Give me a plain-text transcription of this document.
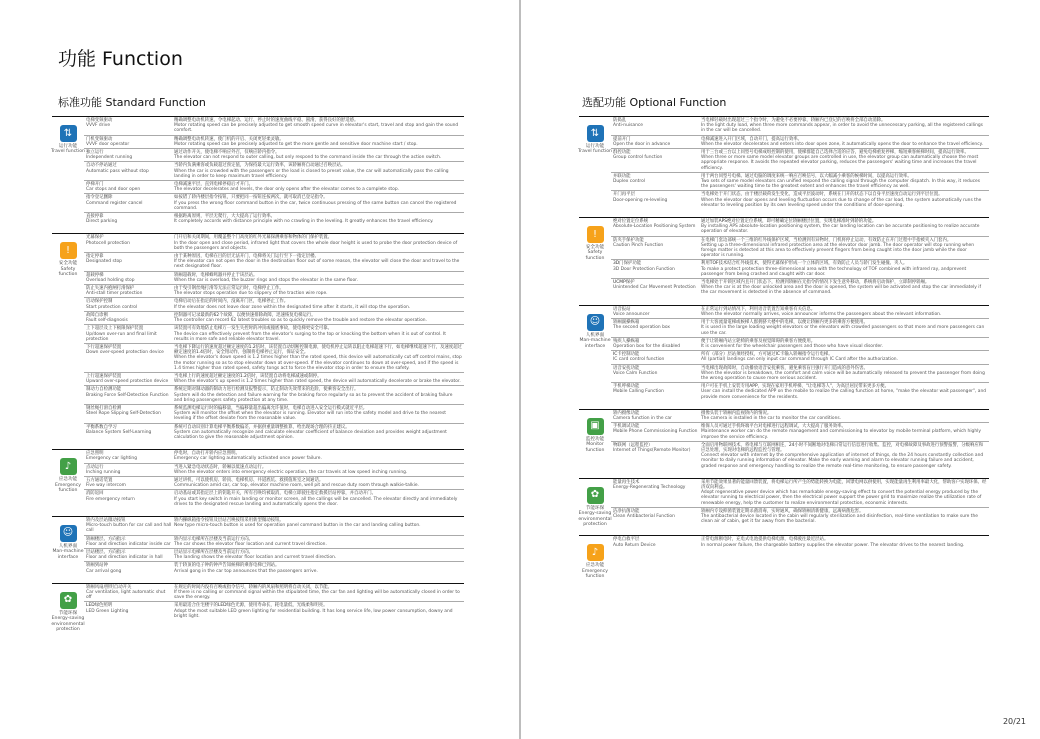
功能 Function
标准功能 Standard Function
⇅
运行功能
Travel function
电梯变频驱动
VVVF drive
精确调整电动机转速，令电梯起动、运行、停止时的速度曲线平稳、圆滑，获得良好的舒适感。
Motor rotating speed can be precisely adjusted to get smooth speed curve in elevator's start, travel and stop and gain the sound comfort.
门机变频驱动
VVVF door operator
精确调整电动机转速，使门机的开启、关闭更轻柔灵敏。
Motor rotating speed can be precisely adjusted to get the more gentle and sensitive door machine start / stop.
独立运行
Independent running
通过动作开关，使电梯不响应外召，仅响应轿内指令。
The elevator can not respond to outer calling, but only respond to the command inside the car through the action switch.
自动不停站通过
Automatic pass without stop
当轿内负满乘客或负载超过预定值，为保持最大运行效率，该轿厢将自动通过召唤层站。
When the car is crowded with the passengers or the load is closed to preset value, the car will automatically pass the calling landing in order to keep maximum travel efficiency.
停梯开门
Car stops and door open
电梯减速平层，直到电梯停稳后才开门。
The elevator decelerates and levels, the door only opens after the elevator comes to a complete stop.
指令登记删除
Command register cancel
如按错了轿内楼层指令按钮，只要把同一按钮连按两次，就可取消已登记指令。
If you press the wrong floor command button in the car, twice continuous pressing of the same button can cancel the registered command.
直接停靠
Direct parking
根据距离原则，平层无爬行，大大提高了运行效率。
It completely accords with distance principle with no crawling in the leveling. It greatly enhances the travel efficiency.
!
安全功能
Safety function
光幕保护
Photocell protection
门开启和关闭期间，用覆盖整个门高度的红外光幕探测乘客和物体的门保护装置。
In the door open and close period, infrared light that covers the whole door height is used to probe the door protection device of both the passengers and objects.
指定停靠
Designated stop
由于某种原因，电梯在目的层无法开门，电梯将关门运行至下一指定层楼。
If the elevator can not open the door in the destination floor out of some reason, the elevator will close the door and travel to the next designated floor.
超载停梯
Overload holding stop
轿厢超载时，电梯蜂鸣器并停止于该层站。
When the car is overload, the buzzer rings and stops the elevator in the same floor.
防止失速内抱闸打滑保护
Anti-stall timer protection
由于曳引钢丝绳打滑等无法正常运行时，电梯停止工作。
The elevator stops operation due to slippery of the traction wire rope.
启动保护控制
Start protection control
电梯启动后在指定的时间内，没离开门区，电梯停止工作。
If the elevator does not leave door zone within the designated time after it starts, it will stop the operation.
故障自诊断
Fault self-diagnosis
控制器可记录最新的62个故障，以便快速排除故障，迅速恢复电梯运行。
The controller can record 62 latest troubles so as to quickly remove the trouble and restore the elevator operation.
上下超层及上下极限保护装置
Up/down over-run and final limit protection
该装置可有效地防止电梯万一发生失控时的冲顶或撞底事故，使电梯更安全可靠。
The device can effectively prevent from the elevator's surging to the top or knocking the bottom when it is out of control. It results in more safe and reliable elevator travel.
下行超速保护装置
Down over-speed protection device
当电梯下降运行的速度超过额定速度的1.2倍时，该装置自动切断控制电源，使电机停止运转以阻止电梯超速下行，如电梯继续超速下行，及速度超过额定速度的1.4倍时，安全钳动作，强制将电梯停止运行，保证安全。
When the elevator's down speed is 1.2 times higher than the rated speed, this device will automatically cut off control mains, stop the motor running so as to stop elevator down at over-speed. If the elevator continues to down at over-speed, and if the speed is 1.4 times higher than rated speed, safety tongs act to force the elevator stop in order to ensure the safety.
上行超速保护装置
Upward over-speed protection device
当电梯上行的速度超过额定速度的1.2倍时，该装置自动将电梯减速或制停。
When the elevator's up speed is 1.2 times higher than rated speed, the device will automatically decelerate or brake the elevator.
制动力自检测功能
Braking Force Self-Detection Function
系统定期对制动器的制动力进行检测及报警提示，防止制动失效带来的危险，使乘客安全出行。
System will do the detection and failure warning for the braking force regularly so as to prevent the accident of braking failure and bring passengers safety protection at any time.
钢丝绳打滑自检测
Steel Rope Slipping Self-Detection
系统监测电梯运行时的偏移量，当偏移量超出偏离允许值时，电梯自动进入安全运行模式就近平层。
System will monitor the offset when the elevator is running. Elevator will run into the safety model and drive to the nearest leveling if the offset deviate from the reasonable value.
平衡系数自学习
Balance System Self-Learning
系统可自动识别计算电梯平衡系数偏差，并据供重量调整推算，给出现场合理的抖正建议。
System can automatically recognize and calculate elevator coefficient of balance deviation and provides weight adjustment calculation to give the reasonable adjustment opinion.
♪
应急功能
Emergency function
应急照明
Emergency car lighting
停电时，自动打开轿内应急照明。
Emergency car lighting automatically activated once power failure.
点动运行
Inching running
当进入紧急电动状态时，轿厢以低速点动运行。
When the elevator enters into emergency electric operation, the car travels at low speed inching running.
五方通话装置
Five way intercom
通过讲机，可以使机房、轿顶、电梯机房、井道底坑、救援值班室之间通话。
Communication amid car, car top, elevator machine room, well pit and rescue duty room through walkie-talkie.
消防返回
Fire emergency return
启动基站或其指定层上的钥匙开关，所有召唤均被取消，电梯立即驶往指定救援层站停靠，并自动开门。
If you start key switch in main landing or monitor screen, all the callings will be cancelled. The elevator directly and immediately drives to the designated rescue landing and automatically opens the door.
☺
人机界面
Man-machine interface
轿内及层站微动按钮
Micro-touch button for car call and hall call
轿内操纵箱指令按钮及层站召唤按钮采用新型微动按钮。
New type micro-touch button is used for operation panel command button in the car and landing calling button.
轿厢楼层、方向指示
Floor and direction indicator inside car
轿内显示电梯所在层楼及当前运行方向。
The car shows the elevator floor location and current travel direction.
层站楼层、方向指示
Floor and direction indicator in hall
层站显示电梯所在层楼及当前运行方向。
The landing shows the elevator floor location and current travel direction.
轿厢到站钟
Car arrival gong
装于轿顶的电子钟的钟声告知候梯的乘客电梯已到站。
Arrival gong in the car top announces that the passengers arrive.
✿
节能环保
Energy-saving environmental protection
轿厢风扇/照明自动开关
Car ventilation, light automatic shut off
在规定的时间内没有召唤或指令信号，轿厢内的风扇和照明将自动关闭，以节能。
If there is no calling or command signal within the stipulated time, the car fan and lighting will be automatically closed in order to save the energy.
LED绿色照明
LED Green Lighting
采用最适合住宅楼宇的LED绿色光源，使用寿命长，耗电量低，光线柔和明亮。
Adopt the most suitable LED green lighting for residential building. It has long service life, low power consumption, downy and bright light.
选配功能 Optional Function
⇅
运行功能
Travel function
防捣乱
Anti-nuisance
当电梯轻载时出现超过三个指令时，为避免不必要停靠，轿厢内已登记的召唤将全部自动消除。
In the light duty load, when three more commands appear, in order to avoid the unnecessary parking, all the registered callings in the car will be cancelled.
提前开门
Open the door in advance
电梯减速进入开门区域，自动开门，提高运行效率。
When the elevator decelerates and enters into door open zone, it automatically opens the door to enhance the travel efficiency.
群控功能
Group control function
用于三台或三台以上同型号电梯成组控制的使用，使梯群能自己选择合适的应答，避免电梯重复停梯，缩短乘客候梯时间，提高运行效率。
When three or more same model elevator groups are controlled in use, the elevator group can automatically choose the most appropriate response. It avoids the repeated elevator parking, reduces the passengers' waiting time and increases the travel efficiency.
并联功能
Duplex control
用于两台同型号电梯。通过电脑的调度来统一响应召唤信号，以大幅减小乘客的候梯时间，以提高运行效率。
Two sets of same model elevators can unified respond the calling signal through the computer dispatch. In this way, it reduces the passengers' waiting time to the greatest extent and enhances the travel efficiency as well.
开门再平层
Door-opening re-leveling
当电梯处于开门状态，由于楼层载荷发生变化，造成平层波动时，系统在门开的状态下以自身平层速度自动运行到平层位置。
When the elevator door opens and leveling fluctuation occurs due to change of the car load, the system automatically runs the elevator to leveling position by its own leveling speed under the conditions of door-opening.
!
安全功能
Safety function
绝对位置定位系统
Absolute-Location Positioning System
通过加装APS绝对位置定位系统，即可精确定位轿厢楼层位置，实现电梯准时到轿的功能。
By installing APS absolute-location positioning system, the car landing location can be accurate positioning to realize accurate operation of elevator.
防夹手保护功能
Caution Pinch Function
在电梯门套边部统一个三维的红外线保护区域，当检测到有异物时，门机将停止运动，有效防止在开门过程中手指被夹入门套内。
Setting up a three-dimensional infrared protection area at the elevator door jamb. The door operator will stop running when foreign matter is detected at this area to effectively prevent fingers from being caught into the door jamb while the door operator is running.
3D门保护功能
3D Door Protection Function
利用TOF技术结合红外线技术，使得光幕保护形成一个立体的区域，有效防止人员与轿门发生碰撞、夹人。
To make a protect protection three-dimensional area with the technology of TOF combined with infrared ray, andprevent passenger from being crashed and caught with car door.
UCMP保护
Unintended Car Movement Protection
当电梯处于开锁区域内且开门状态下，检测到轿厢在无指令的情况下发生意外移动，系统将启动保护，立即制停轿厢。
When the car is at the door unlocked area and the door is opened, the system will be activated and stop the car immediately if the car movement is detected in the absence of command.
☺
人机界面
Man-machine interface
语音报站
Voice announcer
在正常运行到站情况下，利用语音装置告知乘客有关信息。
When the elevator normally arrives, voice announcer informs the passengers about the relevant information.
轿厢副操纵箱
The second operation box
用于大客流量電梯或候梯人群拥挤大楼中的电梯，以便让轿厢内更多的乘客方便使用。
It is used in the large loading weight elevators or the elevators with crowded passengers so that more and more passengers can use the car.
残疾人操纵箱
Operation box for the disabled
便于让轿厢内站立轮椅的乘客及视觉障碍的乘客方便使用。
It is convenient for the wheelchair passengers and those who have visual disorder.
IC卡控制功能
IC card control function
所有（部分）层站须经授权，方可通过IC卡输入轿厢指令运行电梯。
All (partial) landings can only input car command through IC Card after the authorization.
语音安抚功能
Voice Calm Function
当电梯出现故障时，自动播放语音安抚乘客，避免乘客盲目强行开门造成的意外伤害。
When the elevator is breakdown, the comfort and calm voice will be automatically released to prevent the passenger from doing the wrong operation to cause more serious accident.
手机呼梯功能
Mobile Calling Function
用户可在手机上安装专用APP，实现在家用手机呼梯，"让电梯等人"，为高层居民带来更多方便。
User can install the dedicated APP on the mobile to realize the calling function at home, "make the elevator wait passenger", and provide more convenience for the residents.
▣
监控功能
Monitor function
轿内摄像功能
Camera function in the car
摄像头装于轿厢内监视轿内的情况。
The camera is installed in the car to monitor the car conditions.
手机调试功能
Mobile Phone Commissioning Function
维保人员可通过手机终端平台对电梯进行远程调试，大大提高了服务效率。
Maintenance worker can do the remote management and commissioning to elevator by mobile terminal platform, which highly improve the service efficiency.
物联网（远程监控）
Internet of Things(Remote Monitor)
全面启用物联网技术，将电梯与互联网相连，24小时不间断地对电梯日常运行信息进行收集、监控，对电梯故障及事故进行预警报警，分级响应和应急处理，实现对电梯的远程监控与管理。
Connect elevator with internet by the comprehensive application of internet of things, do the 24 hours constantly collection and monitor to daily running information of elevator. Make the early warning and alarm to elevator running failure and accident, graded response and emergency handling to realize the remote real-time monitoring, to ensure passenger safety.
✿
节能环保
Energy-saving environmental protection
能量再生技术
Energy-Regenerating Technology
采用节能效果显著的能量回馈装置，将电梯运行所产生的势能转换为电能，回馈电网以供使用，实现能量再生利用率最大化，帮助客户实现环保、经济双向利益。
Adopt regenerative power device which has remarkable energy-saving effect to convert the potential energy produced by the elevator running to electrical power, then the electrical power support the power grid to maximize realize the utilization rate of renewable energy, help the customer to realize environmental protection, economic interests.
洁净抗菌功能
Clean Antibacterial Function
轿厢内专设抑菌装置定期杀菌消毒，实时通风，确保轿厢清新健康，远离病菌危害。
The antibacterial device located in the cabin will regularly sterilization and disinfection, real-time ventilation to make sure the clean air of cabin, get it far away from the bacterial.
♪
应急功能
Emergency function
停电自救平层
Auto Return Device
正常电源断电时，充电式电池提供电梯电源，电梯驶往最近层站。
In normal power failure, the chargeable battery supplies the elevator power. The elevator drives to the nearest landing.
20/21
